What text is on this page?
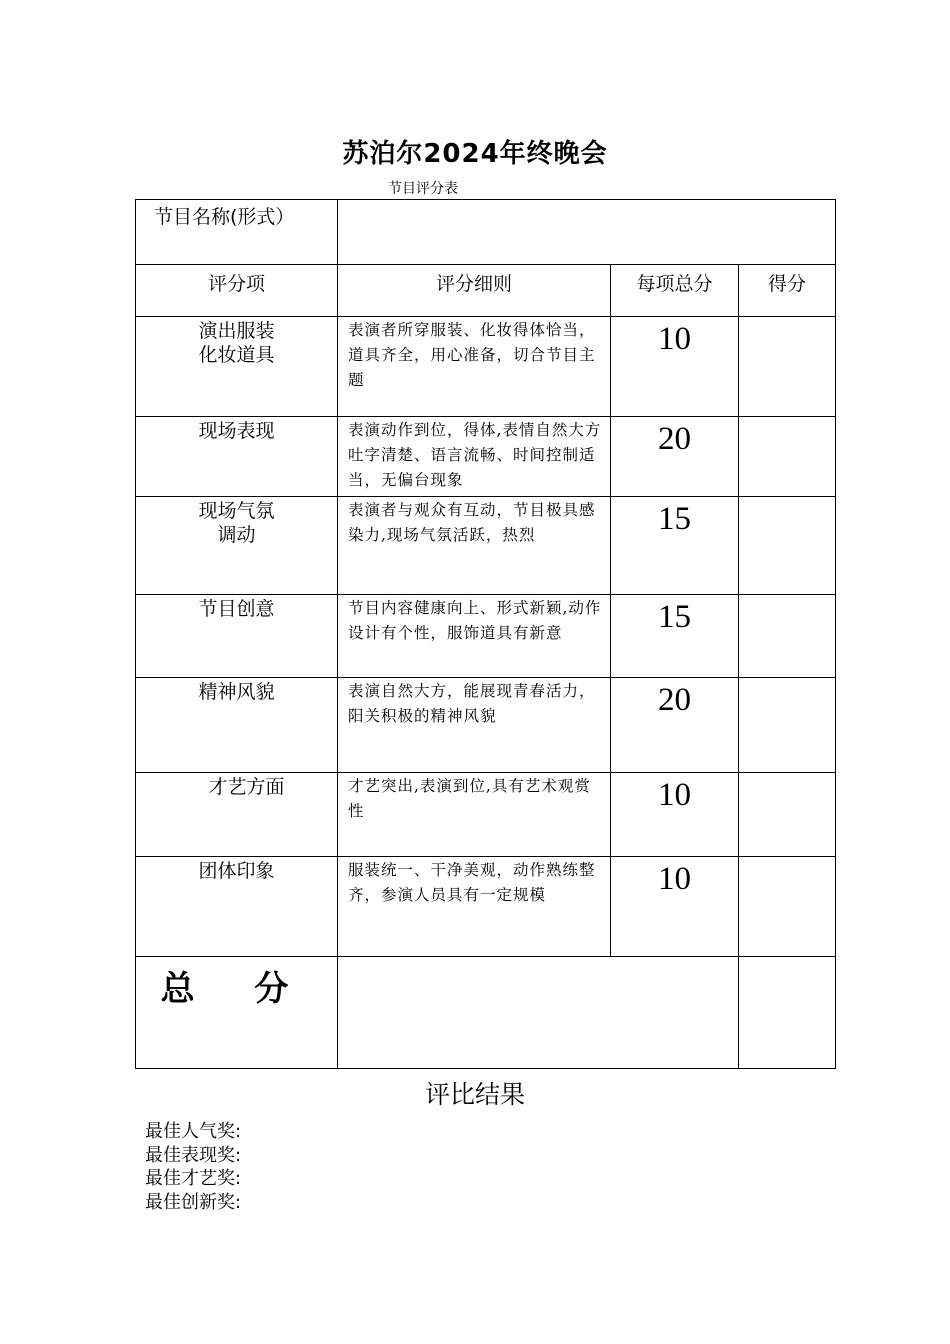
苏泊尔2024年终晚会
节目评分表
节目名称(形式）			
评分项	评分细则	每项总分	得分

演出服装
化妆道具	表演者所穿服装、化妆得体恰当，道具齐全，用心准备，切合节目主题	10	

现场表现	表演动作到位，得体,表情自然大方吐字清楚、语言流畅、时间控制适当，无偏台现象	20	

现场气氛
调动	表演者与观众有互动，节目极具感染力,现场气氛活跃，热烈	15	

节目创意	节目内容健康向上、形式新颖,动作设计有个性，服饰道具有新意	15	

精神风貌	表演自然大方，能展现青春活力，阳关积极的精神风貌	20	

才艺方面	才艺突出,表演到位,具有艺术观赏性	10	

团体印象	服装统一、干净美观，动作熟练整齐，参演人员具有一定规模	10	
总 分			
评比结果
最佳人气奖:
最佳表现奖:
最佳才艺奖:
最佳创新奖:
